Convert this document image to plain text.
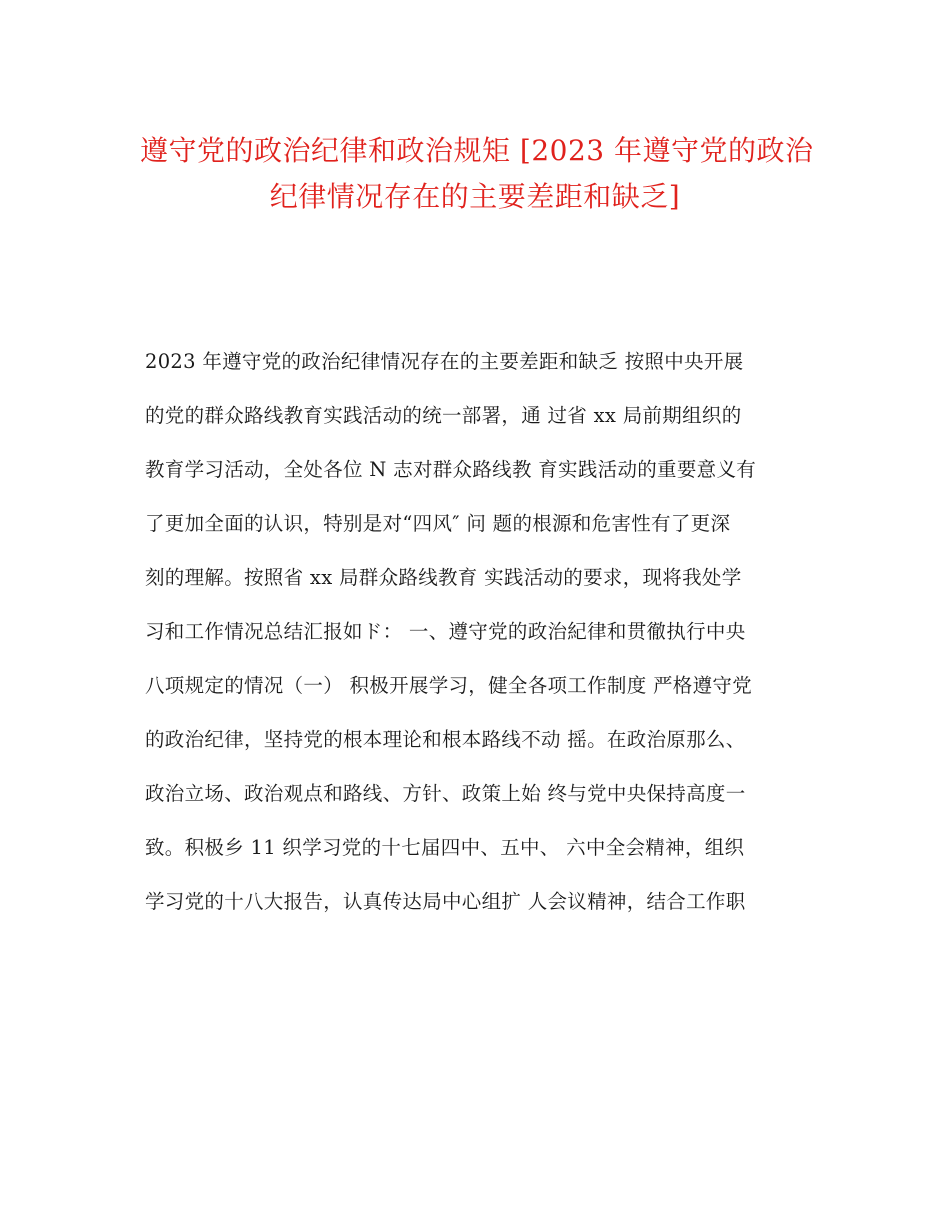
遵守党的政治纪律和政治规矩 [2023 年遵守党的政治
纪律情况存在的主要差距和缺乏]
2023 年遵守党的政治纪律情况存在的主要差距和缺乏 按照中央开展
的党的群众路线教育实践活动的统一部署，通 过省 xx 局前期组织的
教育学习活动，全处各位 N 志对群众路线教 育实践活动的重要意义有
了更加全面的认识，特别是对“四风″ 问 题的根源和危害性有了更深
刻的理解。按照省 xx 局群众路线教育 实践活动的要求，现将我处学
习和工作情况总结汇报如ド： 一、遵守党的政治紀律和贯徹执行中央
八项规定的情况（一） 积极开展学习，健全各项工作制度 严格遵守党
的政治纪律，坚持党的根本理论和根本路线不动 摇。在政治原那么、
政治立场、政治观点和路线、方针、政策上始 终与党中央保持高度一
致。积极乡 11 织学习党的十七届四中、五中、 六中全会精神，组织
学习党的十八大报告，认真传达局中心组扩 人会议精神，结合工作职
